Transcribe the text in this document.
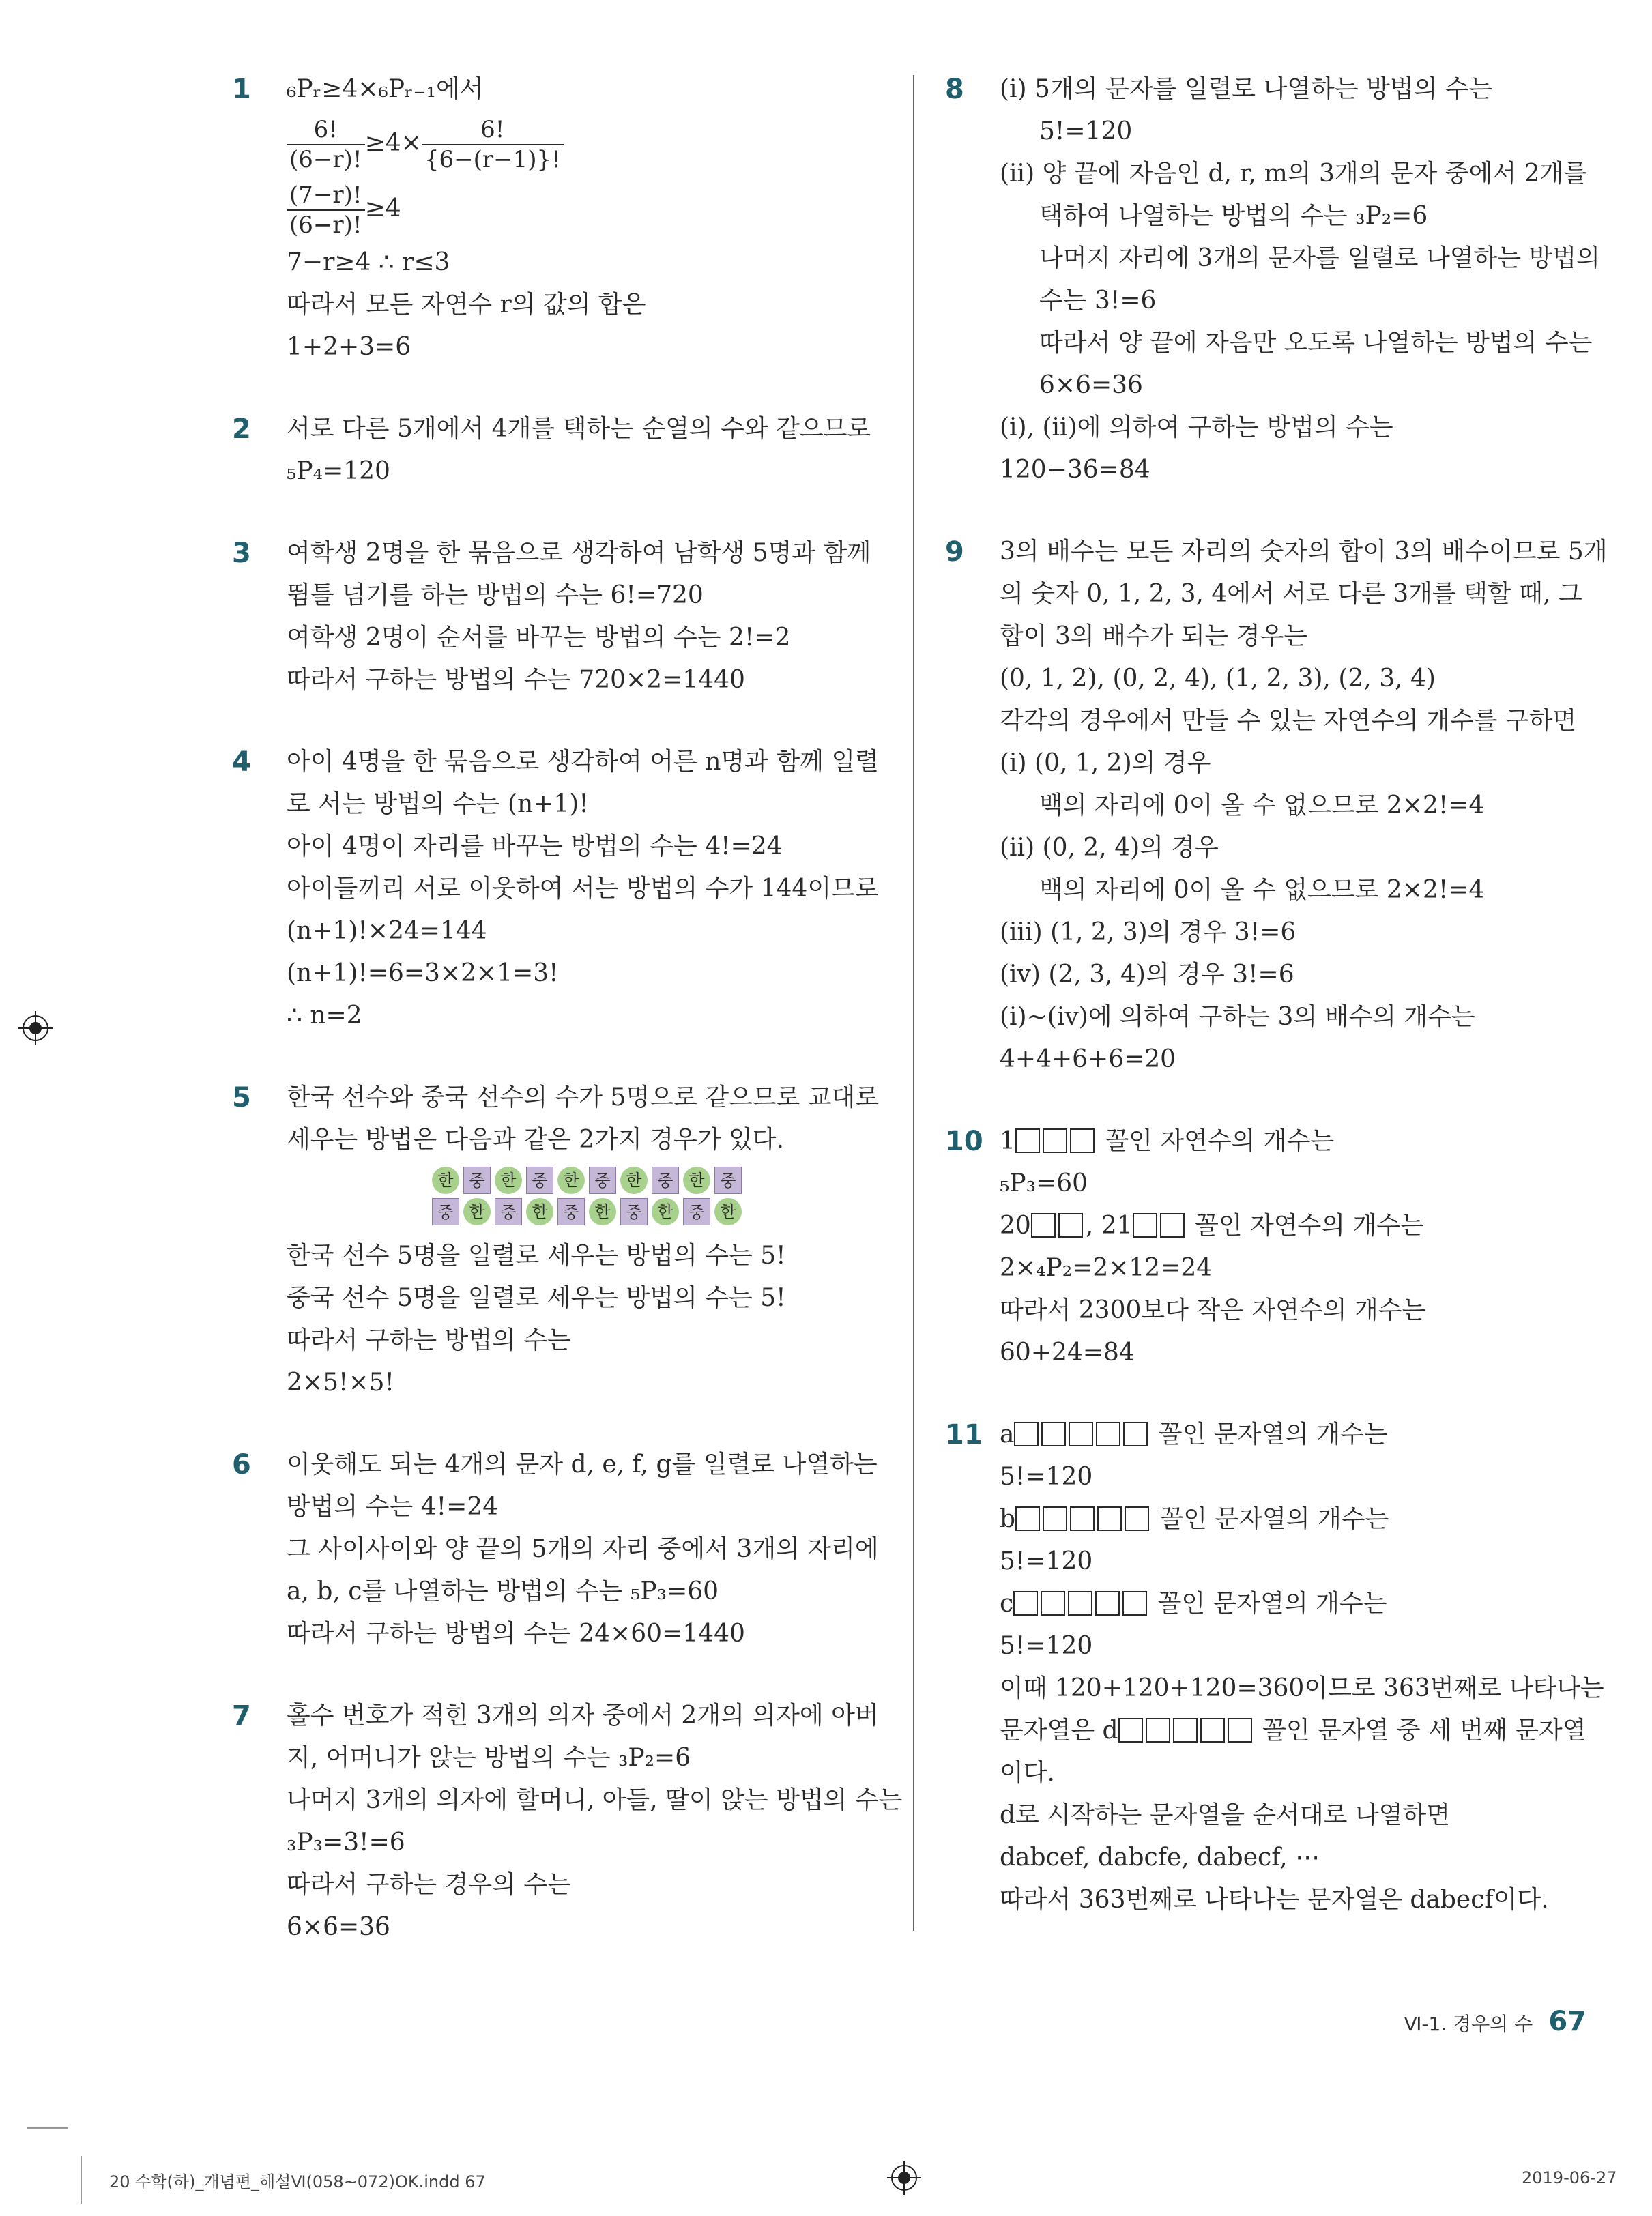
1 ₆Pᵣ≥4×₆Pᵣ₋₁에서
$\frac{6!}{(6-r)!} \ge 4\times \frac{6!}{\{6-(r-1)\}!}$
$\frac{(7-r)!}{(6-r)!} \ge 4$
7−r≥4 ∴ r≤3
따라서 모든 자연수 r의 값의 합은
1+2+3=6
2 서로 다른 5개에서 4개를 택하는 순열의 수와 같으므로
₅P₄=120
3 여학생 2명을 한 묶음으로 생각하여 남학생 5명과 함께
뜀틀 넘기를 하는 방법의 수는 6!=720
여학생 2명이 순서를 바꾸는 방법의 수는 2!=2
따라서 구하는 방법의 수는 720×2=1440
4 아이 4명을 한 묶음으로 생각하여 어른 n명과 함께 일렬
로 서는 방법의 수는 (n+1)!
아이 4명이 자리를 바꾸는 방법의 수는 4!=24
아이들끼리 서로 이웃하여 서는 방법의 수가 144이므로
(n+1)!×24=144
(n+1)!=6=3×2×1=3!
∴ n=2
5 한국 선수와 중국 선수의 수가 5명으로 같으므로 교대로
세우는 방법은 다음과 같은 2가지 경우가 있다.
한 중 한 중 한 중 한 중 한 중
중 한 중 한 중 한 중 한 중 한
한국 선수 5명을 일렬로 세우는 방법의 수는 5!
중국 선수 5명을 일렬로 세우는 방법의 수는 5!
따라서 구하는 방법의 수는
2×5!×5!
6 이웃해도 되는 4개의 문자 d, e, f, g를 일렬로 나열하는
방법의 수는 4!=24
그 사이사이와 양 끝의 5개의 자리 중에서 3개의 자리에
a, b, c를 나열하는 방법의 수는 ₅P₃=60
따라서 구하는 방법의 수는 24×60=1440
7 홀수 번호가 적힌 3개의 의자 중에서 2개의 의자에 아버
지, 어머니가 앉는 방법의 수는 ₃P₂=6
나머지 3개의 의자에 할머니, 아들, 딸이 앉는 방법의 수는
₃P₃=3!=6
따라서 구하는 경우의 수는
6×6=36
8 (ⅰ) 5개의 문자를 일렬로 나열하는 방법의 수는
5!=120
(ⅱ) 양 끝에 자음인 d, r, m의 3개의 문자 중에서 2개를
택하여 나열하는 방법의 수는 ₃P₂=6
나머지 자리에 3개의 문자를 일렬로 나열하는 방법의
수는 3!=6
따라서 양 끝에 자음만 오도록 나열하는 방법의 수는
6×6=36
(ⅰ), (ⅱ)에 의하여 구하는 방법의 수는
120−36=84
9 3의 배수는 모든 자리의 숫자의 합이 3의 배수이므로 5개
의 숫자 0, 1, 2, 3, 4에서 서로 다른 3개를 택할 때, 그
합이 3의 배수가 되는 경우는
(0, 1, 2), (0, 2, 4), (1, 2, 3), (2, 3, 4)
각각의 경우에서 만들 수 있는 자연수의 개수를 구하면
(ⅰ) (0, 1, 2)의 경우
백의 자리에 0이 올 수 없으므로 2×2!=4
(ⅱ) (0, 2, 4)의 경우
백의 자리에 0이 올 수 없으므로 2×2!=4
(ⅲ) (1, 2, 3)의 경우 3!=6
(ⅳ) (2, 3, 4)의 경우 3!=6
(ⅰ)~(ⅳ)에 의하여 구하는 3의 배수의 개수는
4+4+6+6=20
10 1	꼴인 자연수의 개수는
₅P₃=60
20 , 21 꼴인 자연수의 개수는
2×₄P₂=2×12=24
따라서 2300보다 작은 자연수의 개수는
60+24=84
11 a	꼴인 문자열의 개수는
5!=120
b	꼴인 문자열의 개수는
5!=120
c	꼴인 문자열의 개수는
5!=120
이때 120+120+120=360이므로 363번째로 나타나는
문자열은 d	꼴인 문자열 중 세 번째 문자열
이다.
d로 시작하는 문자열을 순서대로 나열하면
dabcef, dabcfe, dabecf, ⋯
따라서 363번째로 나타나는 문자열은 dabecf이다.
Ⅵ-1. 경우의 수 67
20 수학(하)_개념편_해설Ⅵ(058~072)OK.indd 67	2019-06-27
